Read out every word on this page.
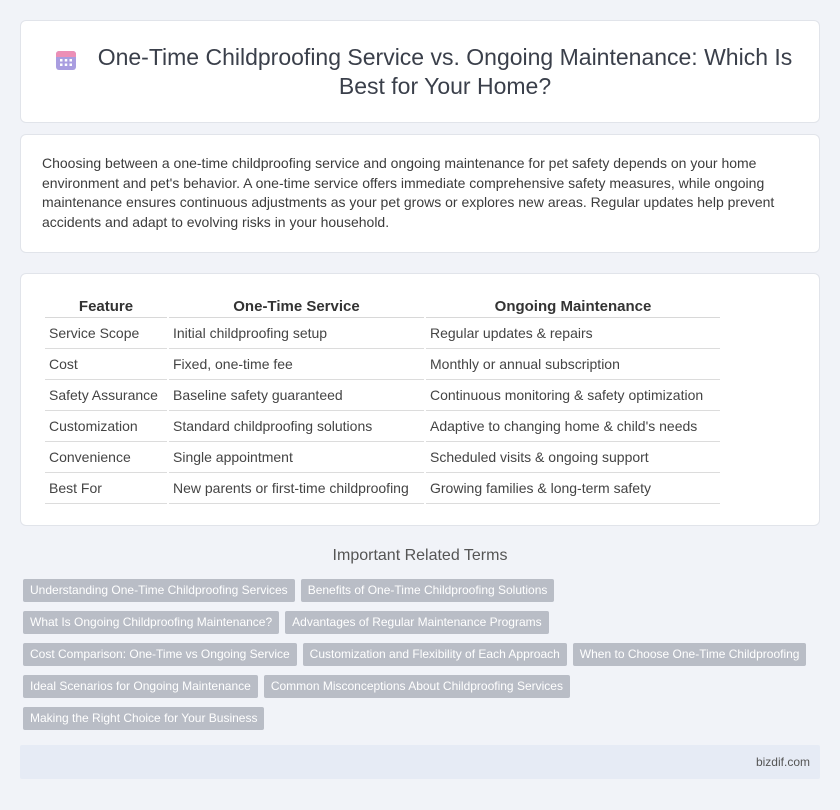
One-Time Childproofing Service vs. Ongoing Maintenance: Which Is Best for Your Home?

Choosing between a one-time childproofing service and ongoing maintenance for pet safety depends on your home environment and pet's behavior. A one-time service offers immediate comprehensive safety measures, while ongoing maintenance ensures continuous adjustments as your pet grows or explores new areas. Regular updates help prevent accidents and adapt to evolving risks in your household.

Feature	One-Time Service	Ongoing Maintenance
Service Scope	Initial childproofing setup	Regular updates & repairs
Cost	Fixed, one-time fee	Monthly or annual subscription
Safety Assurance	Baseline safety guaranteed	Continuous monitoring & safety optimization
Customization	Standard childproofing solutions	Adaptive to changing home & child's needs
Convenience	Single appointment	Scheduled visits & ongoing support
Best For	New parents or first-time childproofing	Growing families & long-term safety
Important Related Terms
Understanding One-Time Childproofing Services	Benefits of One-Time Childproofing Solutions
What Is Ongoing Childproofing Maintenance?	Advantages of Regular Maintenance Programs
Cost Comparison: One-Time vs Ongoing Service	Customization and Flexibility of Each Approach	When to Choose One-Time Childproofing
Ideal Scenarios for Ongoing Maintenance	Common Misconceptions About Childproofing Services
Making the Right Choice for Your Business
bizdif.com
